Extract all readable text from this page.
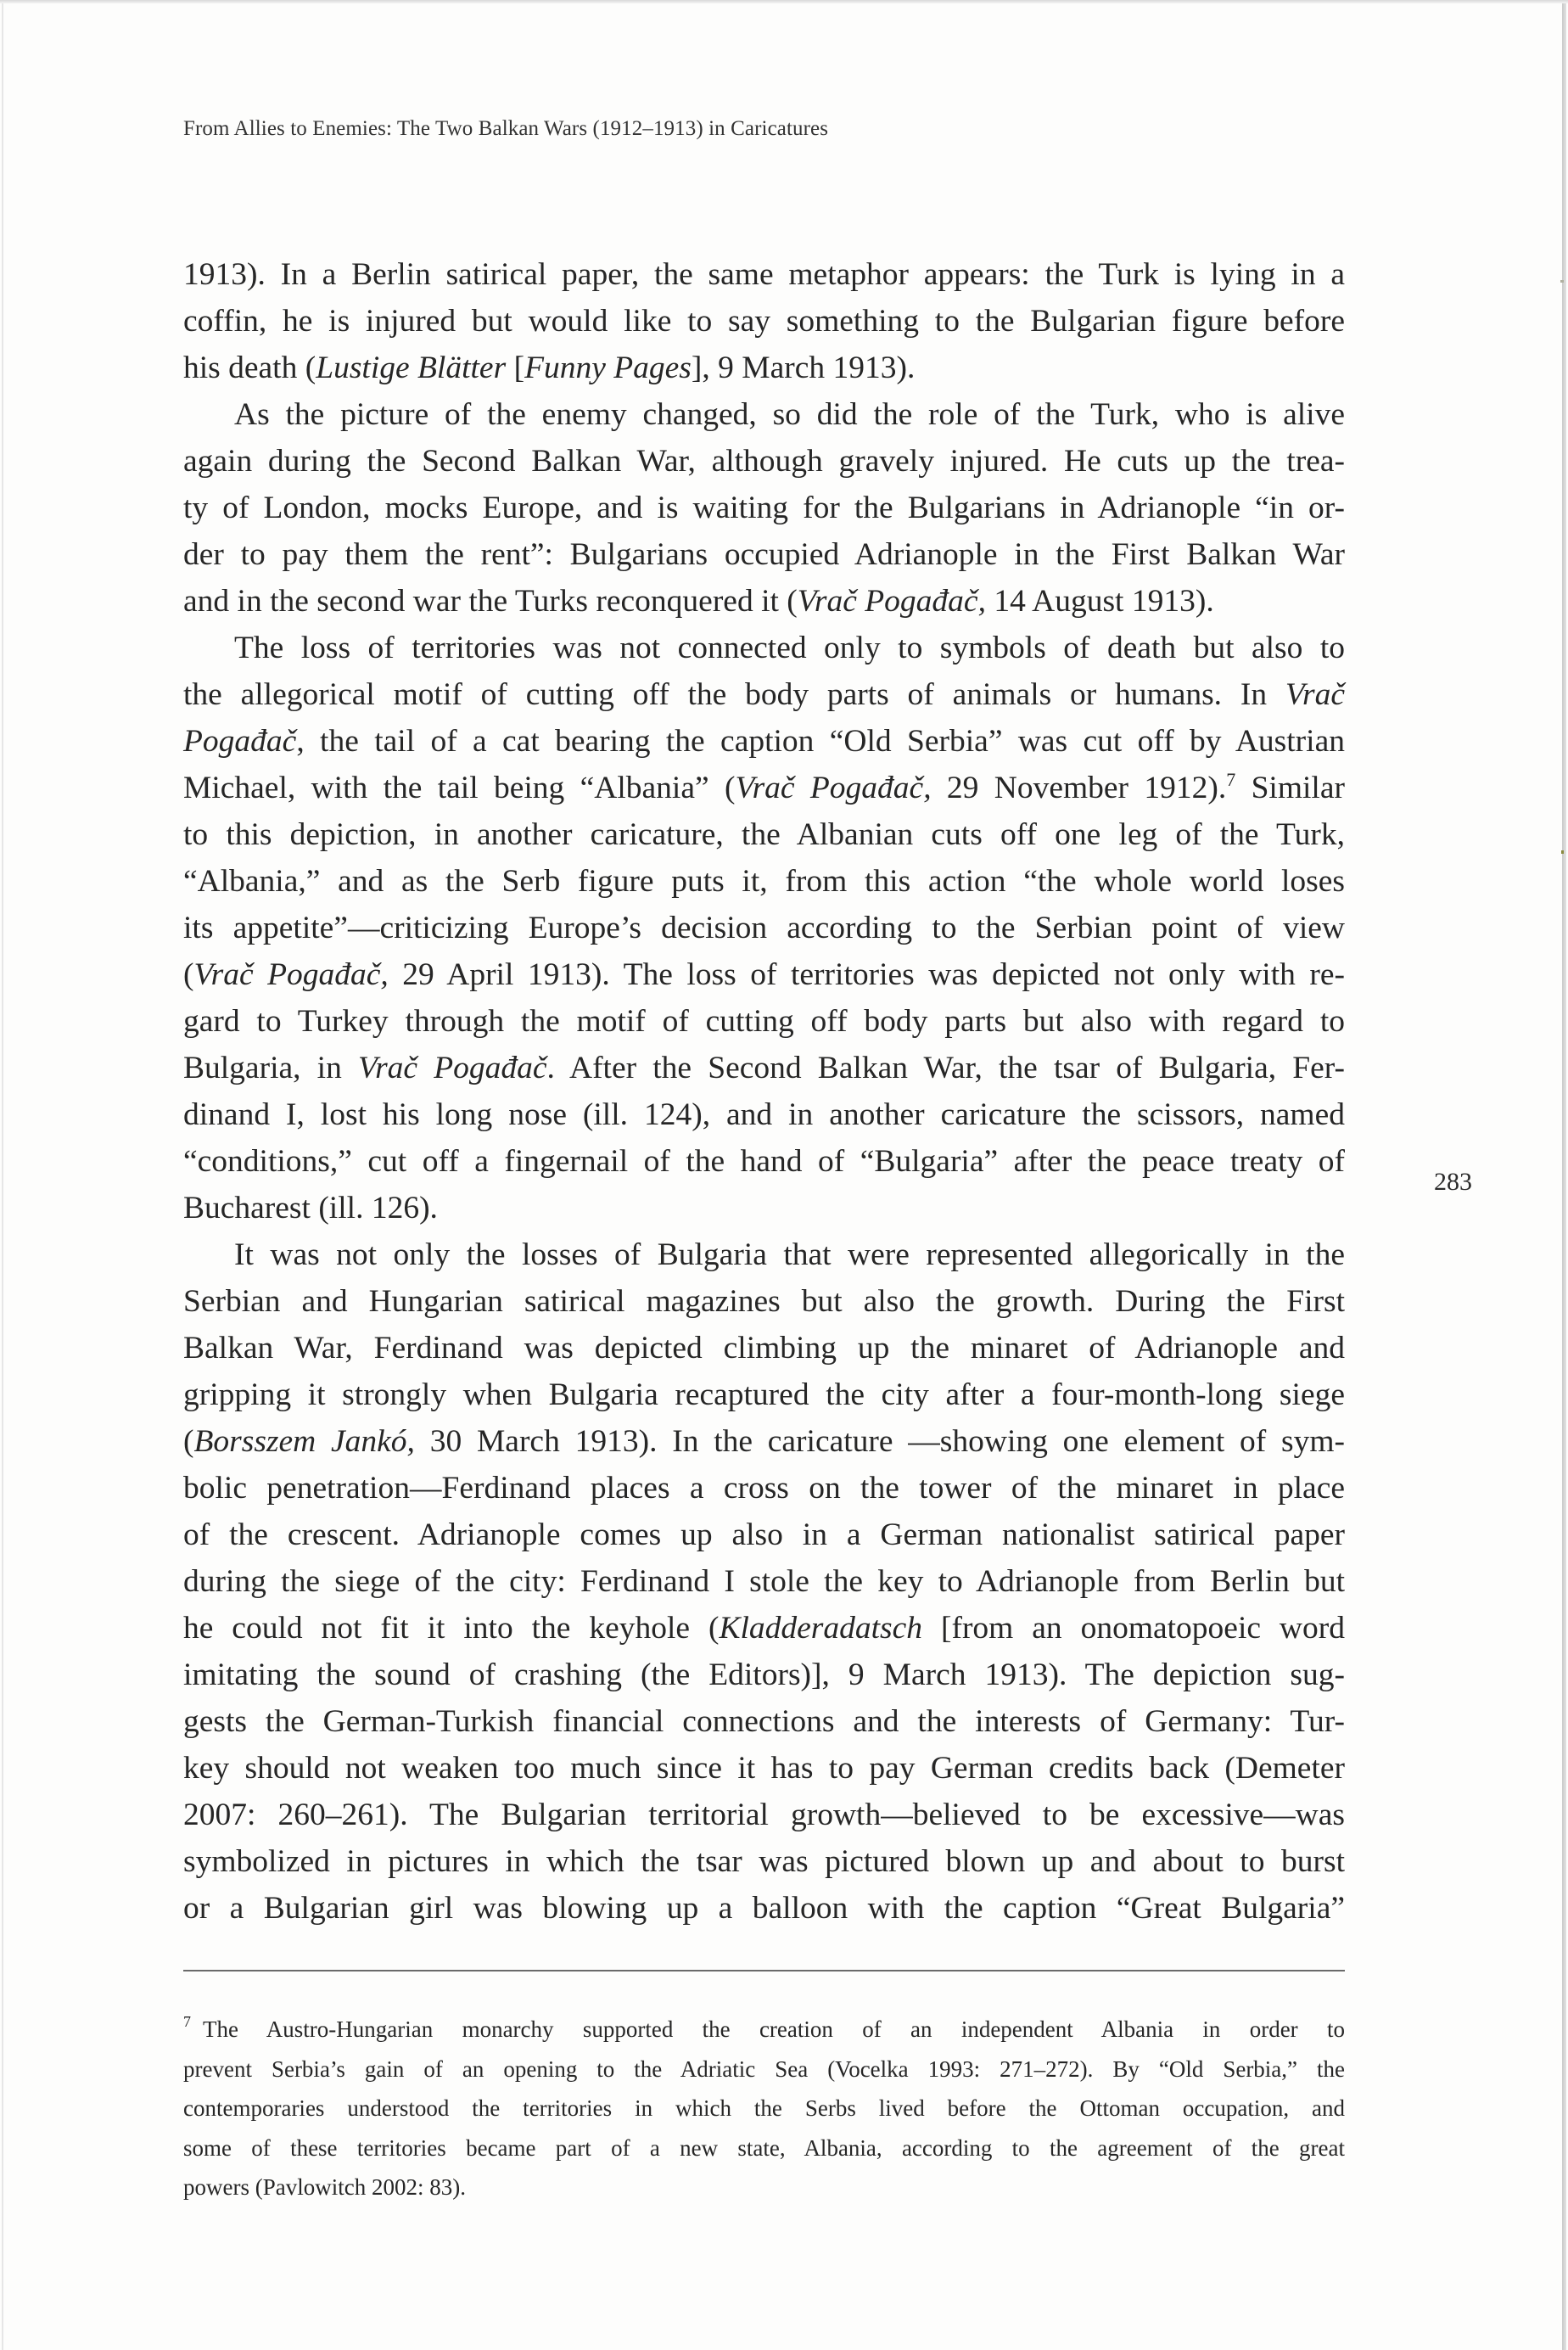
From Allies to Enemies: The Two Balkan Wars (1912–1913) in Caricatures
1913). In a Berlin satirical paper, the same metaphor appears: the Turk is lying in a
coffin, he is injured but would like to say something to the Bulgarian figure before
his death (Lustige Blätter [Funny Pages], 9 March 1913).
As the picture of the enemy changed, so did the role of the Turk, who is alive
again during the Second Balkan War, although gravely injured. He cuts up the trea-
ty of London, mocks Europe, and is waiting for the Bulgarians in Adrianople “in or-
der to pay them the rent”: Bulgarians occupied Adrianople in the First Balkan War
and in the second war the Turks reconquered it (Vrač Pogađač, 14 August 1913).
The loss of territories was not connected only to symbols of death but also to
the allegorical motif of cutting off the body parts of animals or humans. In Vrač
Pogađač, the tail of a cat bearing the caption “Old Serbia” was cut off by Austrian
Michael, with the tail being “Albania” (Vrač Pogađač, 29 November 1912).$^7$ Similar
to this depiction, in another caricature, the Albanian cuts off one leg of the Turk,
“Albania,” and as the Serb figure puts it, from this action “the whole world loses
its appetite”—criticizing Europe’s decision according to the Serbian point of view
(Vrač Pogađač, 29 April 1913). The loss of territories was depicted not only with re-
gard to Turkey through the motif of cutting off body parts but also with regard to
Bulgaria, in Vrač Pogađač. After the Second Balkan War, the tsar of Bulgaria, Fer-
dinand I, lost his long nose (ill. 124), and in another caricature the scissors, named
“conditions,” cut off a fingernail of the hand of “Bulgaria” after the peace treaty of
Bucharest (ill. 126).
It was not only the losses of Bulgaria that were represented allegorically in the
Serbian and Hungarian satirical magazines but also the growth. During the First
Balkan War, Ferdinand was depicted climbing up the minaret of Adrianople and
gripping it strongly when Bulgaria recaptured the city after a four-month-long siege
(Borsszem Jankó, 30 March 1913). In the caricature —showing one element of sym-
bolic penetration—Ferdinand places a cross on the tower of the minaret in place
of the crescent. Adrianople comes up also in a German nationalist satirical paper
during the siege of the city: Ferdinand I stole the key to Adrianople from Berlin but
he could not fit it into the keyhole (Kladderadatsch [from an onomatopoeic word
imitating the sound of crashing (the Editors)], 9 March 1913). The depiction sug-
gests the German-Turkish financial connections and the interests of Germany: Tur-
key should not weaken too much since it has to pay German credits back (Demeter
2007: 260–261). The Bulgarian territorial growth—believed to be excessive—was
symbolized in pictures in which the tsar was pictured blown up and about to burst
or a Bulgarian girl was blowing up a balloon with the caption “Great Bulgaria”
283
$^7$ The Austro-Hungarian monarchy supported the creation of an independent Albania in order to
prevent Serbia’s gain of an opening to the Adriatic Sea (Vocelka 1993: 271–272). By “Old Serbia,” the
contemporaries understood the territories in which the Serbs lived before the Ottoman occupation, and
some of these territories became part of a new state, Albania, according to the agreement of the great
powers (Pavlowitch 2002: 83).
